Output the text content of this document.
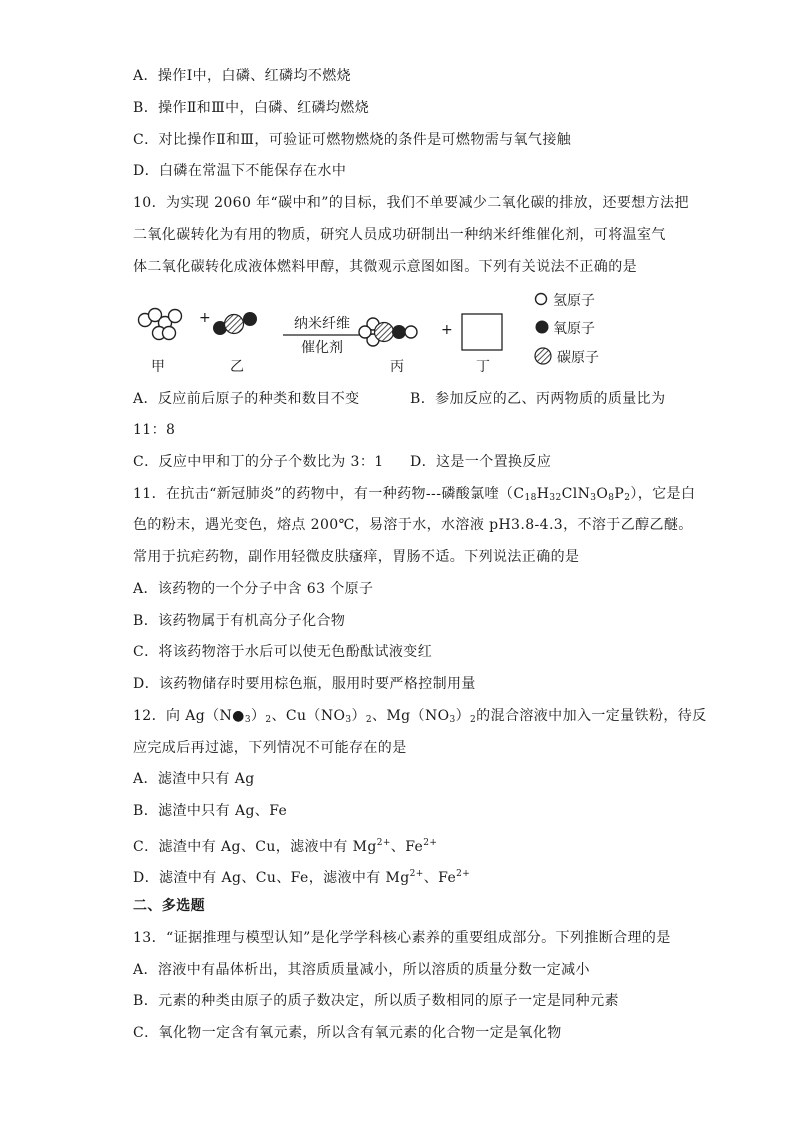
A．操作Ⅰ中，白磷、红磷均不燃烧
B．操作Ⅱ和Ⅲ中，白磷、红磷均燃烧
C．对比操作Ⅱ和Ⅲ，可验证可燃物燃烧的条件是可燃物需与氧气接触
D．白磷在常温下不能保存在水中
10．为实现 2060 年“碳中和”的目标，我们不单要减少二氧化碳的排放，还要想方法把
二氧化碳转化为有用的物质，研究人员成功研制出一种纳米纤维催化剂，可将温室气
体二氧化碳转化成液体燃料甲醇，其微观示意图如图。下列有关说法不正确的是
+
+
纳米纤维
催化剂
甲	乙	丙	丁
氢原子
氧原子
碳原子
A．反应前后原子的种类和数目不变	B．参加反应的乙、丙两物质的质量比为
11：8
C．反应中甲和丁的分子个数比为 3：1 D．这是一个置换反应
11．在抗击“新冠肺炎”的药物中，有一种药物---磷酸氯喹$(C_{18}H_{32}ClN_3O_8P_2)$，它是白
色的粉末，遇光变色，熔点 200℃，易溶于水，水溶液 pH3.8-4.3，不溶于乙醇乙醚。
常用于抗疟药物，副作用轻微皮肤瘙痒，胃肠不适。下列说法正确的是
A．该药物的一个分子中含 63 个原子
B．该药物属于有机高分子化合物
C．将该药物溶于水后可以使无色酚酞试液变红
D．该药物储存时要用棕色瓶，服用时要严格控制用量
12．向 $Ag(N●_3)_2$、$Cu(NO_3)_2$、$Mg(NO_3)_2$的混合溶液中加入一定量铁粉，待反
应完成后再过滤，下列情况不可能存在的是
A．滤渣中只有 Ag
B．滤渣中只有 Ag、Fe
C．滤渣中有 Ag、Cu，滤液中有 $Mg^{2+}$、$Fe^{2+}$
D．滤渣中有 Ag、Cu、Fe，滤液中有 $Mg^{2+}$、$Fe^{2+}$
二、多选题
13．“证据推理与模型认知”是化学学科核心素养的重要组成部分。下列推断合理的是
A．溶液中有晶体析出，其溶质质量减小，所以溶质的质量分数一定减小
B．元素的种类由原子的质子数决定，所以质子数相同的原子一定是同种元素
C．氧化物一定含有氧元素，所以含有氧元素的化合物一定是氧化物
